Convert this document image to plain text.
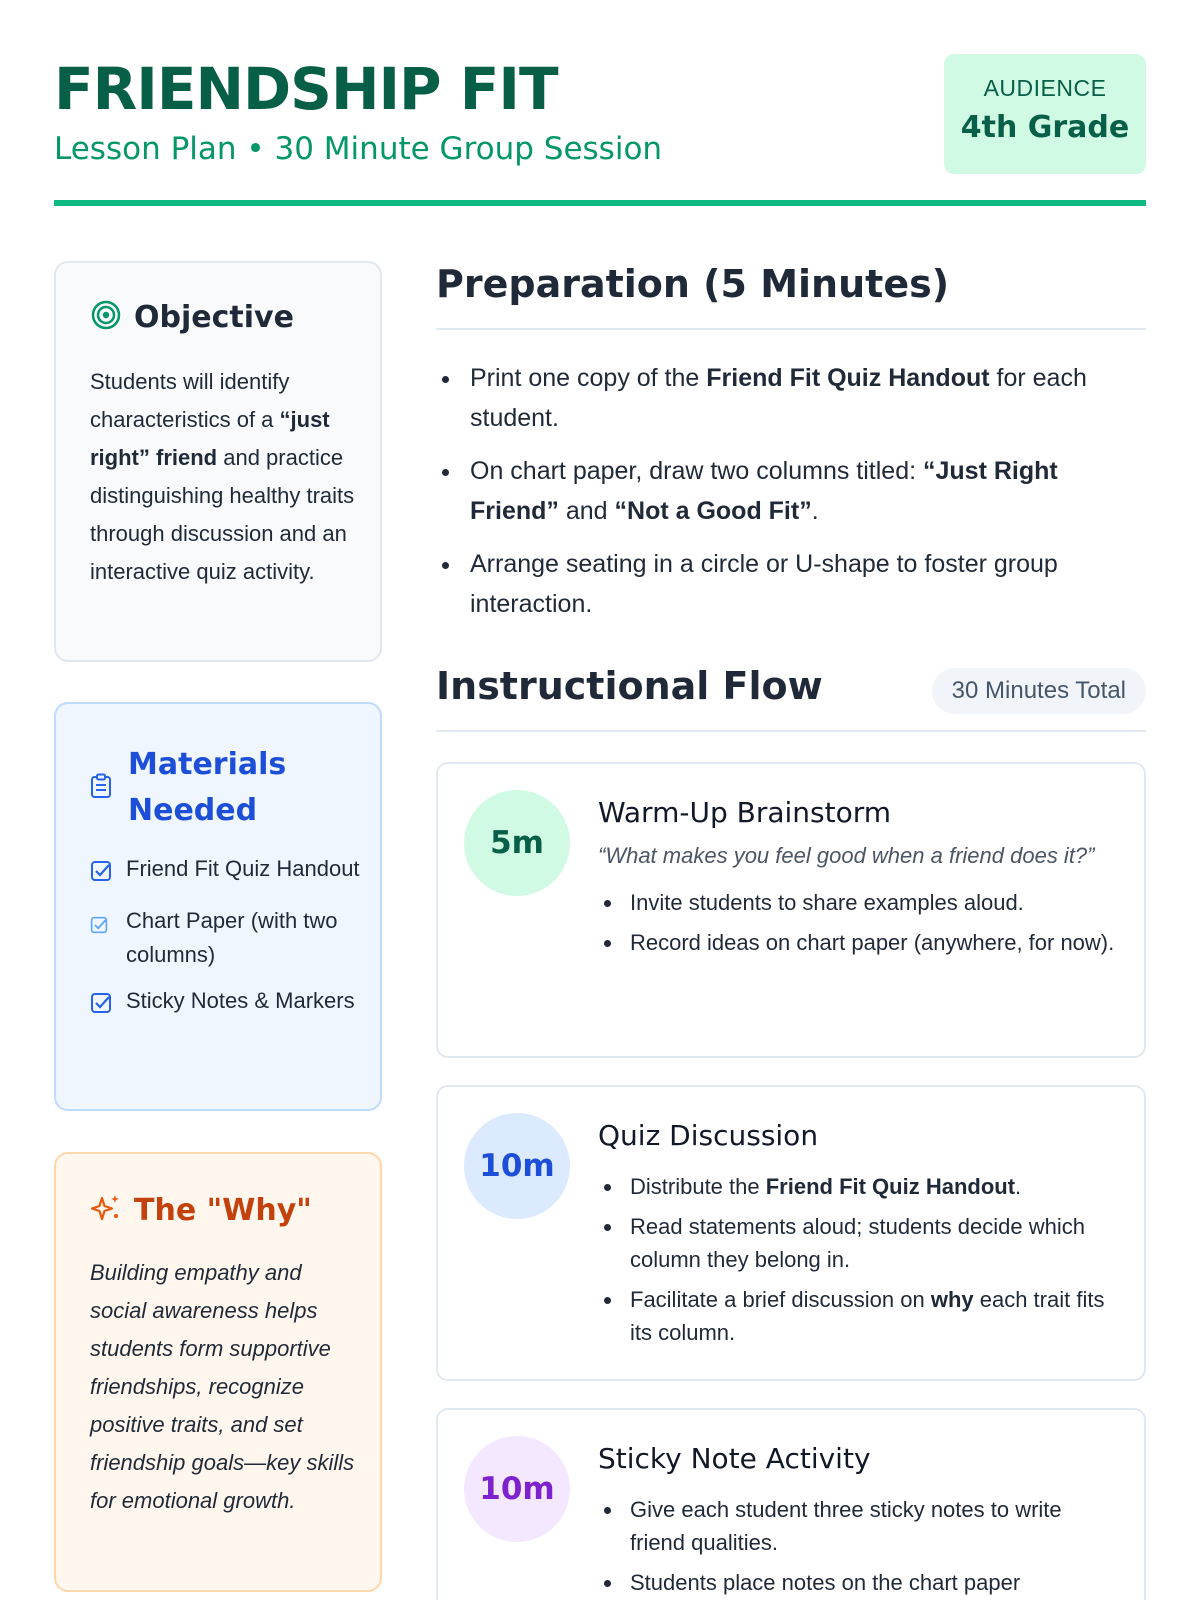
FRIENDSHIP FIT
Lesson Plan • 30 Minute Group Session
AUDIENCE
4th Grade
Objective
Students will identify characteristics of a “just right” friend and practice distinguishing healthy traits through discussion and an interactive quiz activity.
Materials Needed
Friend Fit Quiz Handout
Chart Paper (with two columns)
Sticky Notes & Markers
The "Why"
Building empathy and social awareness helps students form supportive friendships, recognize positive traits, and set friendship goals—key skills for emotional growth.
Preparation (5 Minutes)
Print one copy of the Friend Fit Quiz Handout for each student.
On chart paper, draw two columns titled: “Just Right Friend” and “Not a Good Fit”.
Arrange seating in a circle or U-shape to foster group interaction.
Instructional Flow	30 Minutes Total
5m
Warm-Up Brainstorm
“What makes you feel good when a friend does it?”
Invite students to share examples aloud.
Record ideas on chart paper (anywhere, for now).
10m
Quiz Discussion
Distribute the Friend Fit Quiz Handout.
Read statements aloud; students decide which column they belong in.
Facilitate a brief discussion on why each trait fits its column.
10m
Sticky Note Activity
Give each student three sticky notes to write friend qualities.
Students place notes on the chart paper
